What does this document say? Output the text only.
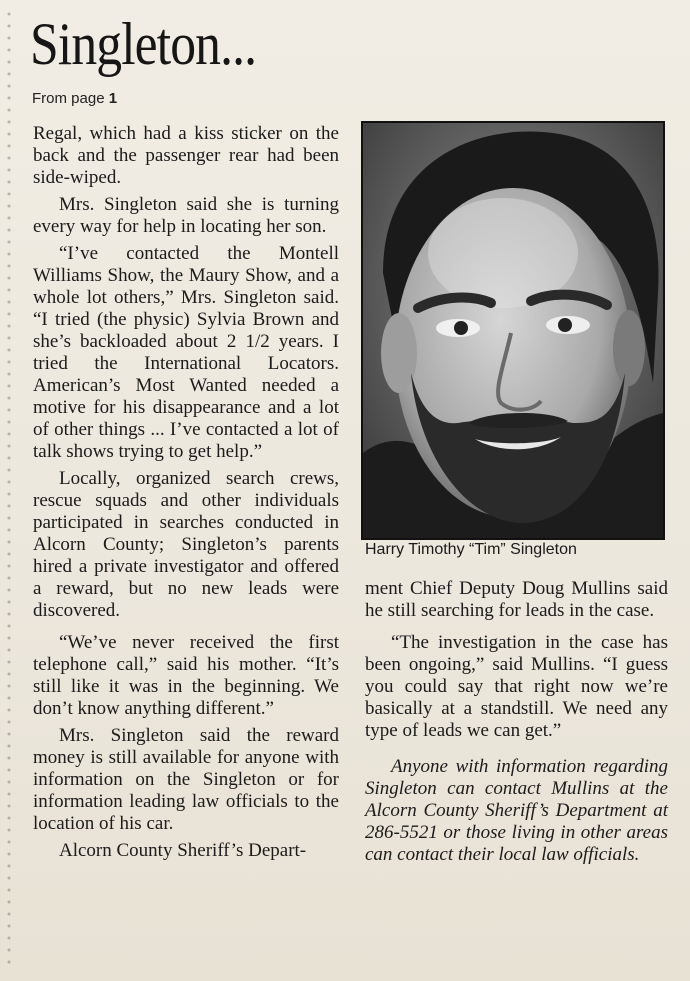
Singleton...
From page 1

Regal, which had a kiss sticker on the back and the passenger rear had been side-wiped.

Mrs. Singleton said she is turning every way for help in locating her son.

“I’ve contacted the Montell Williams Show, the Maury Show, and a whole lot others,” Mrs. Singleton said. “I tried (the physic) Sylvia Brown and she’s backloaded about 2 1/2 years. I tried the International Locators. American’s Most Wanted needed a motive for his disappearance and a lot of other things ... I’ve contacted a lot of talk shows trying to get help.”

Locally, organized search crews, rescue squads and other individuals participated in searches conducted in Alcorn County; Singleton’s parents hired a private investigator and offered a reward, but no new leads were discovered.

“We’ve never received the first telephone call,” said his mother. “It’s still like it was in the beginning. We don’t know anything different.”

Mrs. Singleton said the reward money is still available for anyone with information on the Singleton or for information leading law officials to the location of his car.

Alcorn County Sheriff’s Depart-

Harry Timothy “Tim” Singleton

ment Chief Deputy Doug Mullins said he still searching for leads in the case.

“The investigation in the case has been ongoing,” said Mullins. “I guess you could say that right now we’re basically at a standstill. We need any type of leads we can get.”

Anyone with information regarding Singleton can contact Mullins at the Alcorn County Sheriff’s Department at 286-5521 or those living in other areas can contact their local law officials.
